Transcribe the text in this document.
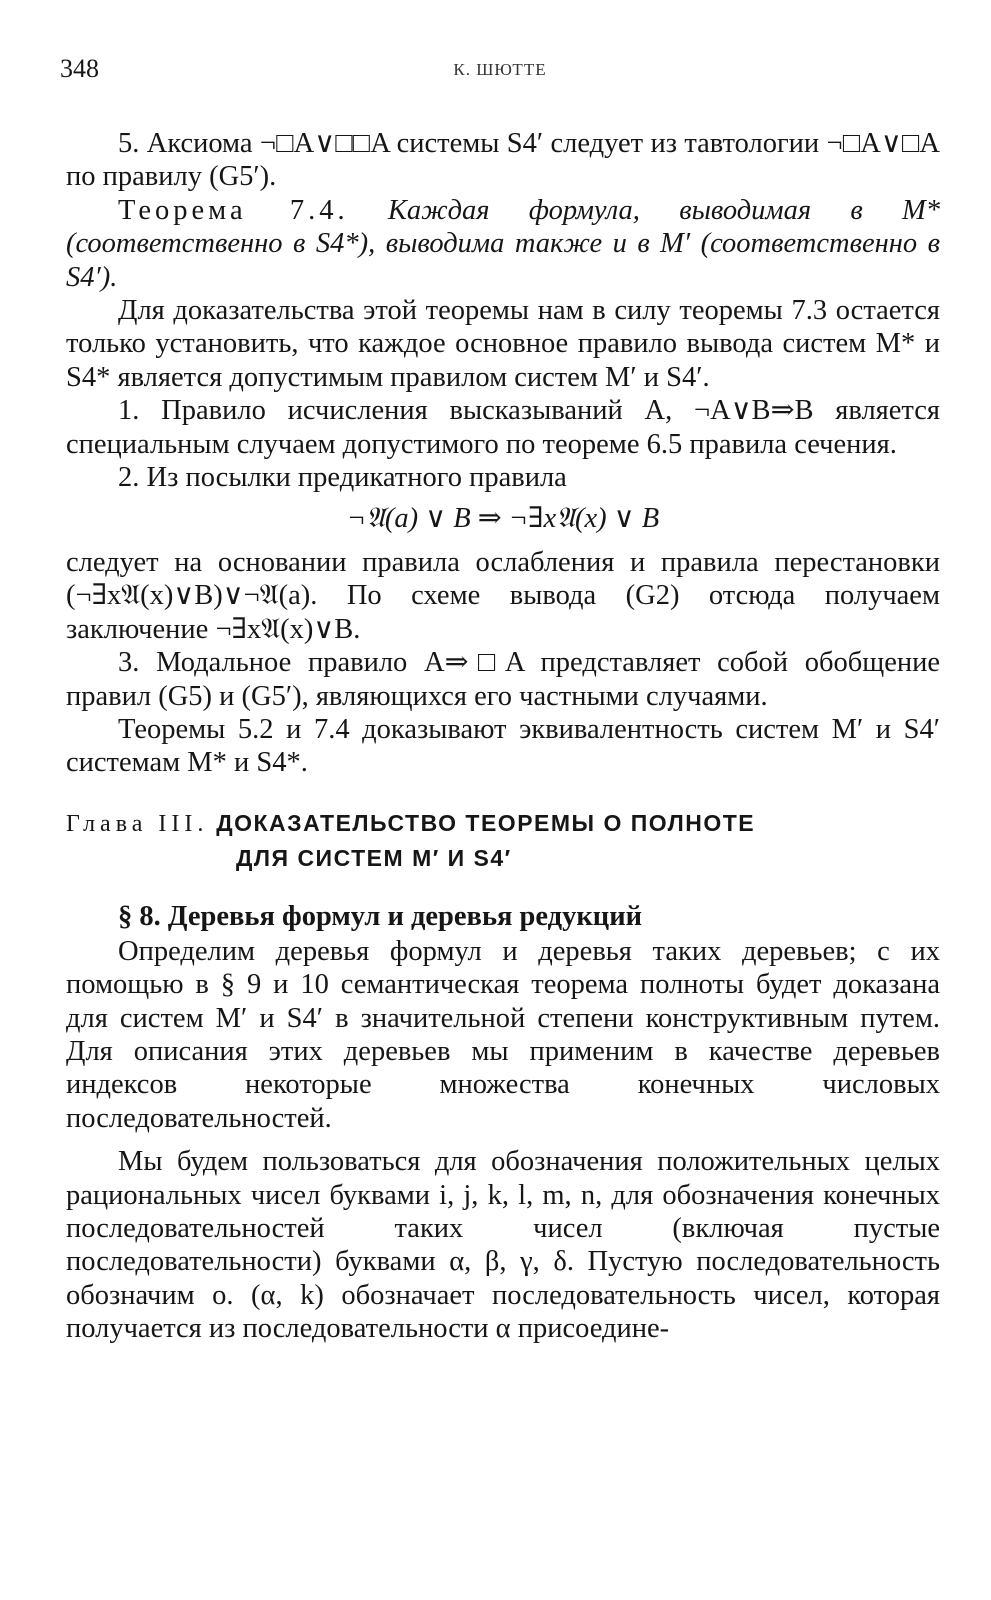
348	К. ШЮТТЕ

5. Аксиома ¬□A∨□□A системы S4′ следует из тавтологии ¬□A∨□A по правилу (G5′).

Теорема 7.4. Каждая формула, выводимая в M* (соответственно в S4*), выводима также и в M′ (соответственно в S4′).

Для доказательства этой теоремы нам в силу теоремы 7.3 остается только установить, что каждое основное правило вывода систем M* и S4* является допустимым правилом систем M′ и S4′.

1. Правило исчисления высказываний A, ¬A∨B⇒B является специальным случаем допустимого по теореме 6.5 правила сечения.

2. Из посылки предикатного правила

¬𝔄(a) ∨ B ⇒ ¬∃x𝔄(x) ∨ B

следует на основании правила ослабления и правила перестановки (¬∃x𝔄(x)∨B)∨¬𝔄(a). По схеме вывода (G2) отсюда получаем заключение ¬∃x𝔄(x)∨B.

3. Модальное правило A⇒□A представляет собой обобщение правил (G5) и (G5′), являющихся его частными случаями.

Теоремы 5.2 и 7.4 доказывают эквивалентность систем M′ и S4′ системам M* и S4*.

Глава III. ДОКАЗАТЕЛЬСТВО ТЕОРЕМЫ О ПОЛНОТЕ
ДЛЯ СИСТЕМ M′ И S4′
§ 8. Деревья формул и деревья редукций

Определим деревья формул и деревья таких деревьев; с их помощью в § 9 и 10 семантическая теорема полноты будет доказана для систем M′ и S4′ в значительной степени конструктивным путем. Для описания этих деревьев мы применим в качестве деревьев индексов некоторые множества конечных числовых последовательностей.

Мы будем пользоваться для обозначения положительных целых рациональных чисел буквами i, j, k, l, m, n, для обозначения конечных последовательностей таких чисел (включая пустые последовательности) буквами α, β, γ, δ. Пустую последовательность обозначим o. (α, k) обозначает последовательность чисел, которая получается из последовательности α присоедине-
